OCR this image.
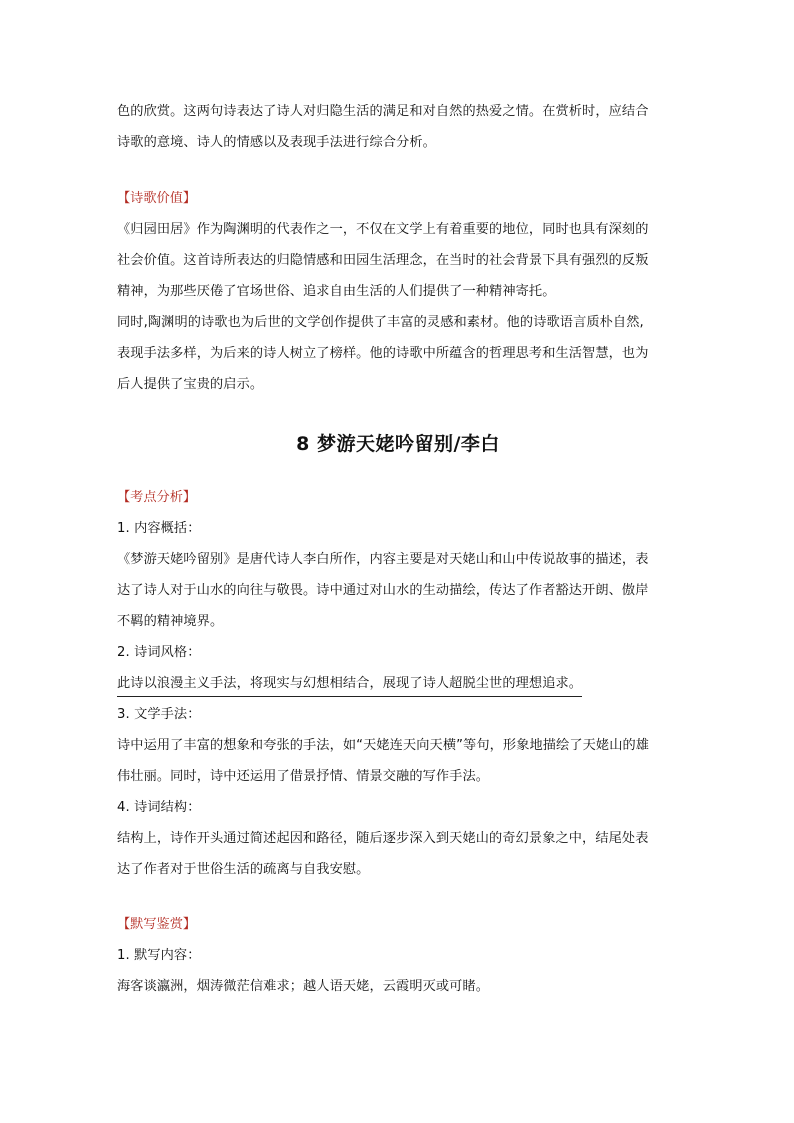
色的欣赏。这两句诗表达了诗人对归隐生活的满足和对自然的热爱之情。在赏析时，应结合
诗歌的意境、诗人的情感以及表现手法进行综合分析。
【诗歌价值】
《归园田居》作为陶渊明的代表作之一，不仅在文学上有着重要的地位，同时也具有深刻的
社会价值。这首诗所表达的归隐情感和田园生活理念，在当时的社会背景下具有强烈的反叛
精神，为那些厌倦了官场世俗、追求自由生活的人们提供了一种精神寄托。
同时,陶渊明的诗歌也为后世的文学创作提供了丰富的灵感和素材。他的诗歌语言质朴自然,
表现手法多样，为后来的诗人树立了榜样。他的诗歌中所蕴含的哲理思考和生活智慧，也为
后人提供了宝贵的启示。
8 梦游天姥吟留别/李白
【考点分析】
1. 内容概括：
《梦游天姥吟留别》是唐代诗人李白所作，内容主要是对天姥山和山中传说故事的描述，表
达了诗人对于山水的向往与敬畏。诗中通过对山水的生动描绘，传达了作者豁达开朗、傲岸
不羁的精神境界。
2. 诗词风格：
此诗以浪漫主义手法，将现实与幻想相结合，展现了诗人超脱尘世的理想追求。
3. 文学手法：
诗中运用了丰富的想象和夸张的手法，如“天姥连天向天横”等句，形象地描绘了天姥山的雄
伟壮丽。同时，诗中还运用了借景抒情、情景交融的写作手法。
4. 诗词结构：
结构上，诗作开头通过简述起因和路径，随后逐步深入到天姥山的奇幻景象之中，结尾处表
达了作者对于世俗生活的疏离与自我安慰。
【默写鉴赏】
1. 默写内容：
海客谈瀛洲，烟涛微茫信难求；越人语天姥，云霞明灭或可睹。
